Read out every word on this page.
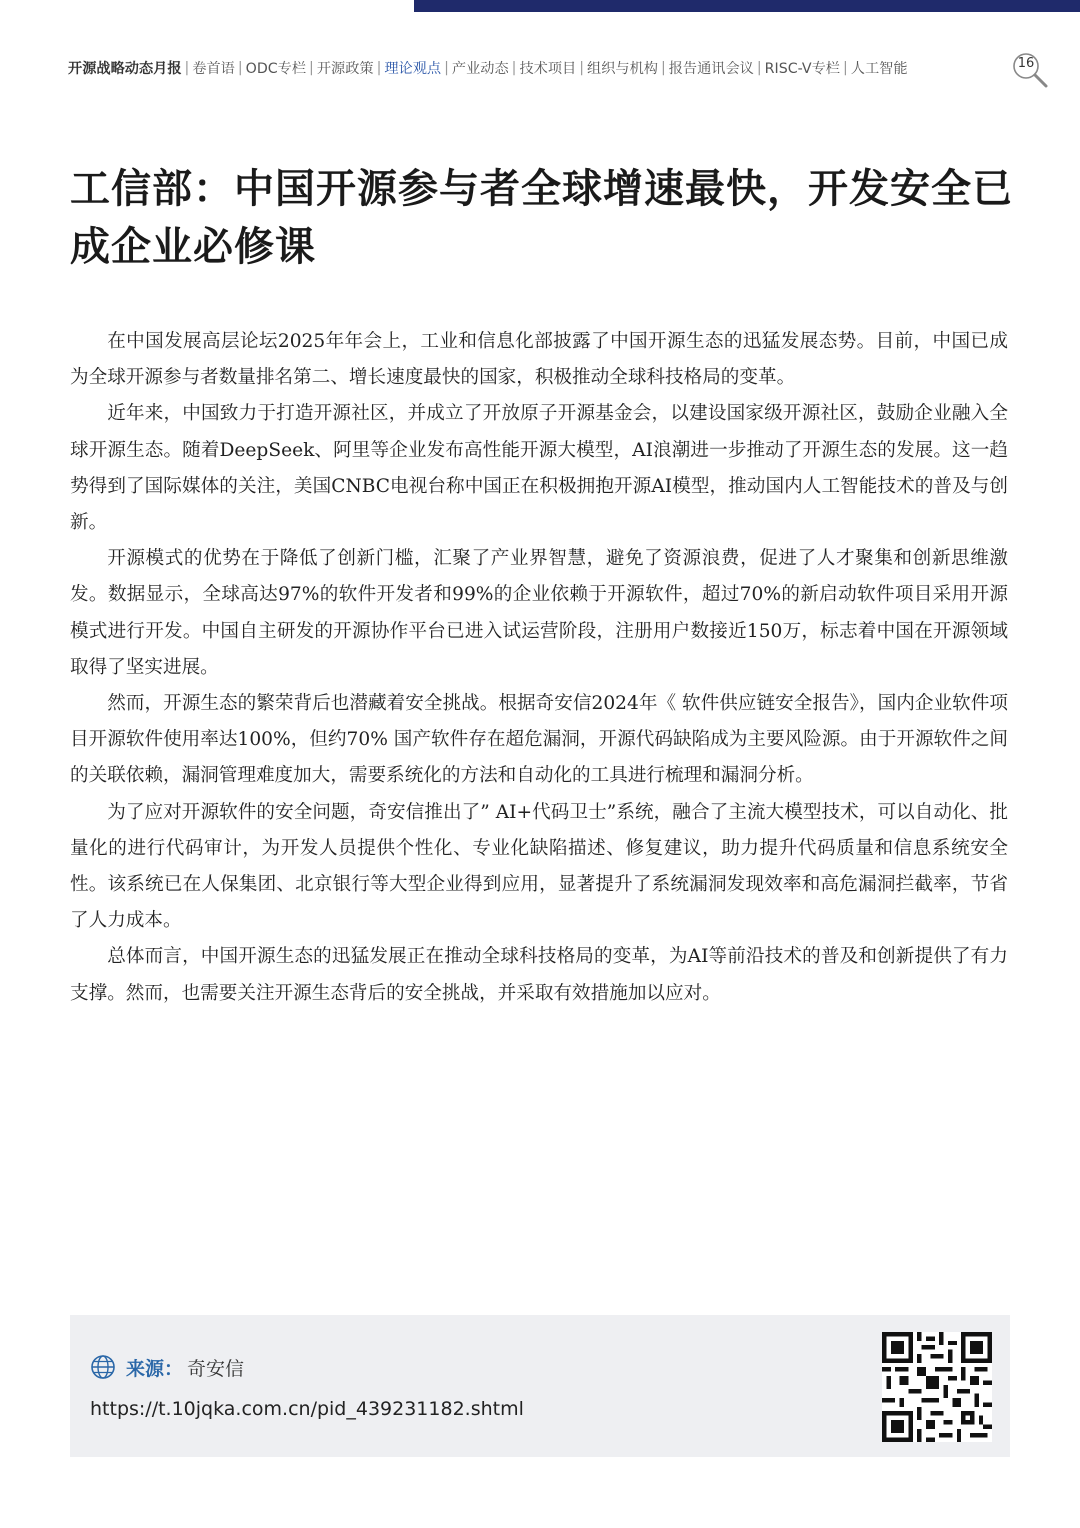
开源战略动态月报 | 卷首语 | ODC专栏 | 开源政策 | 理论观点 | 产业动态 | 技术项目 | 组织与机构 | 报告通讯会议 | RISC-V专栏 | 人工智能	16
工信部：中国开源参与者全球增速最快，开发安全已成企业必修课

在中国发展高层论坛2025年年会上，工业和信息化部披露了中国开源生态的迅猛发展态势。目前，中国已成为全球开源参与者数量排名第二、增长速度最快的国家，积极推动全球科技格局的变革。

近年来，中国致力于打造开源社区，并成立了开放原子开源基金会，以建设国家级开源社区，鼓励企业融入全球开源生态。随着DeepSeek、阿里等企业发布高性能开源大模型，AI浪潮进一步推动了开源生态的发展。这一趋势得到了国际媒体的关注，美国CNBC电视台称中国正在积极拥抱开源AI模型，推动国内人工智能技术的普及与创新。

开源模式的优势在于降低了创新门槛，汇聚了产业界智慧，避免了资源浪费，促进了人才聚集和创新思维激发。数据显示，全球高达97%的软件开发者和99%的企业依赖于开源软件，超过70%的新启动软件项目采用开源模式进行开发。中国自主研发的开源协作平台已进入试运营阶段，注册用户数接近150万，标志着中国在开源领域取得了坚实进展。

然而，开源生态的繁荣背后也潜藏着安全挑战。根据奇安信2024年《 软件供应链安全报告》，国内企业软件项目开源软件使用率达100%，但约70% 国产软件存在超危漏洞，开源代码缺陷成为主要风险源。由于开源软件之间的关联依赖，漏洞管理难度加大，需要系统化的方法和自动化的工具进行梳理和漏洞分析。

为了应对开源软件的安全问题，奇安信推出了” AI+代码卫士”系统，融合了主流大模型技术，可以自动化、批量化的进行代码审计，为开发人员提供个性化、专业化缺陷描述、修复建议，助力提升代码质量和信息系统安全性。该系统已在人保集团、北京银行等大型企业得到应用，显著提升了系统漏洞发现效率和高危漏洞拦截率，节省了人力成本。

总体而言，中国开源生态的迅猛发展正在推动全球科技格局的变革，为AI等前沿技术的普及和创新提供了有力支撑。然而，也需要关注开源生态背后的安全挑战，并采取有效措施加以应对。

来源： 奇安信
https://t.10jqka.com.cn/pid_439231182.shtml
